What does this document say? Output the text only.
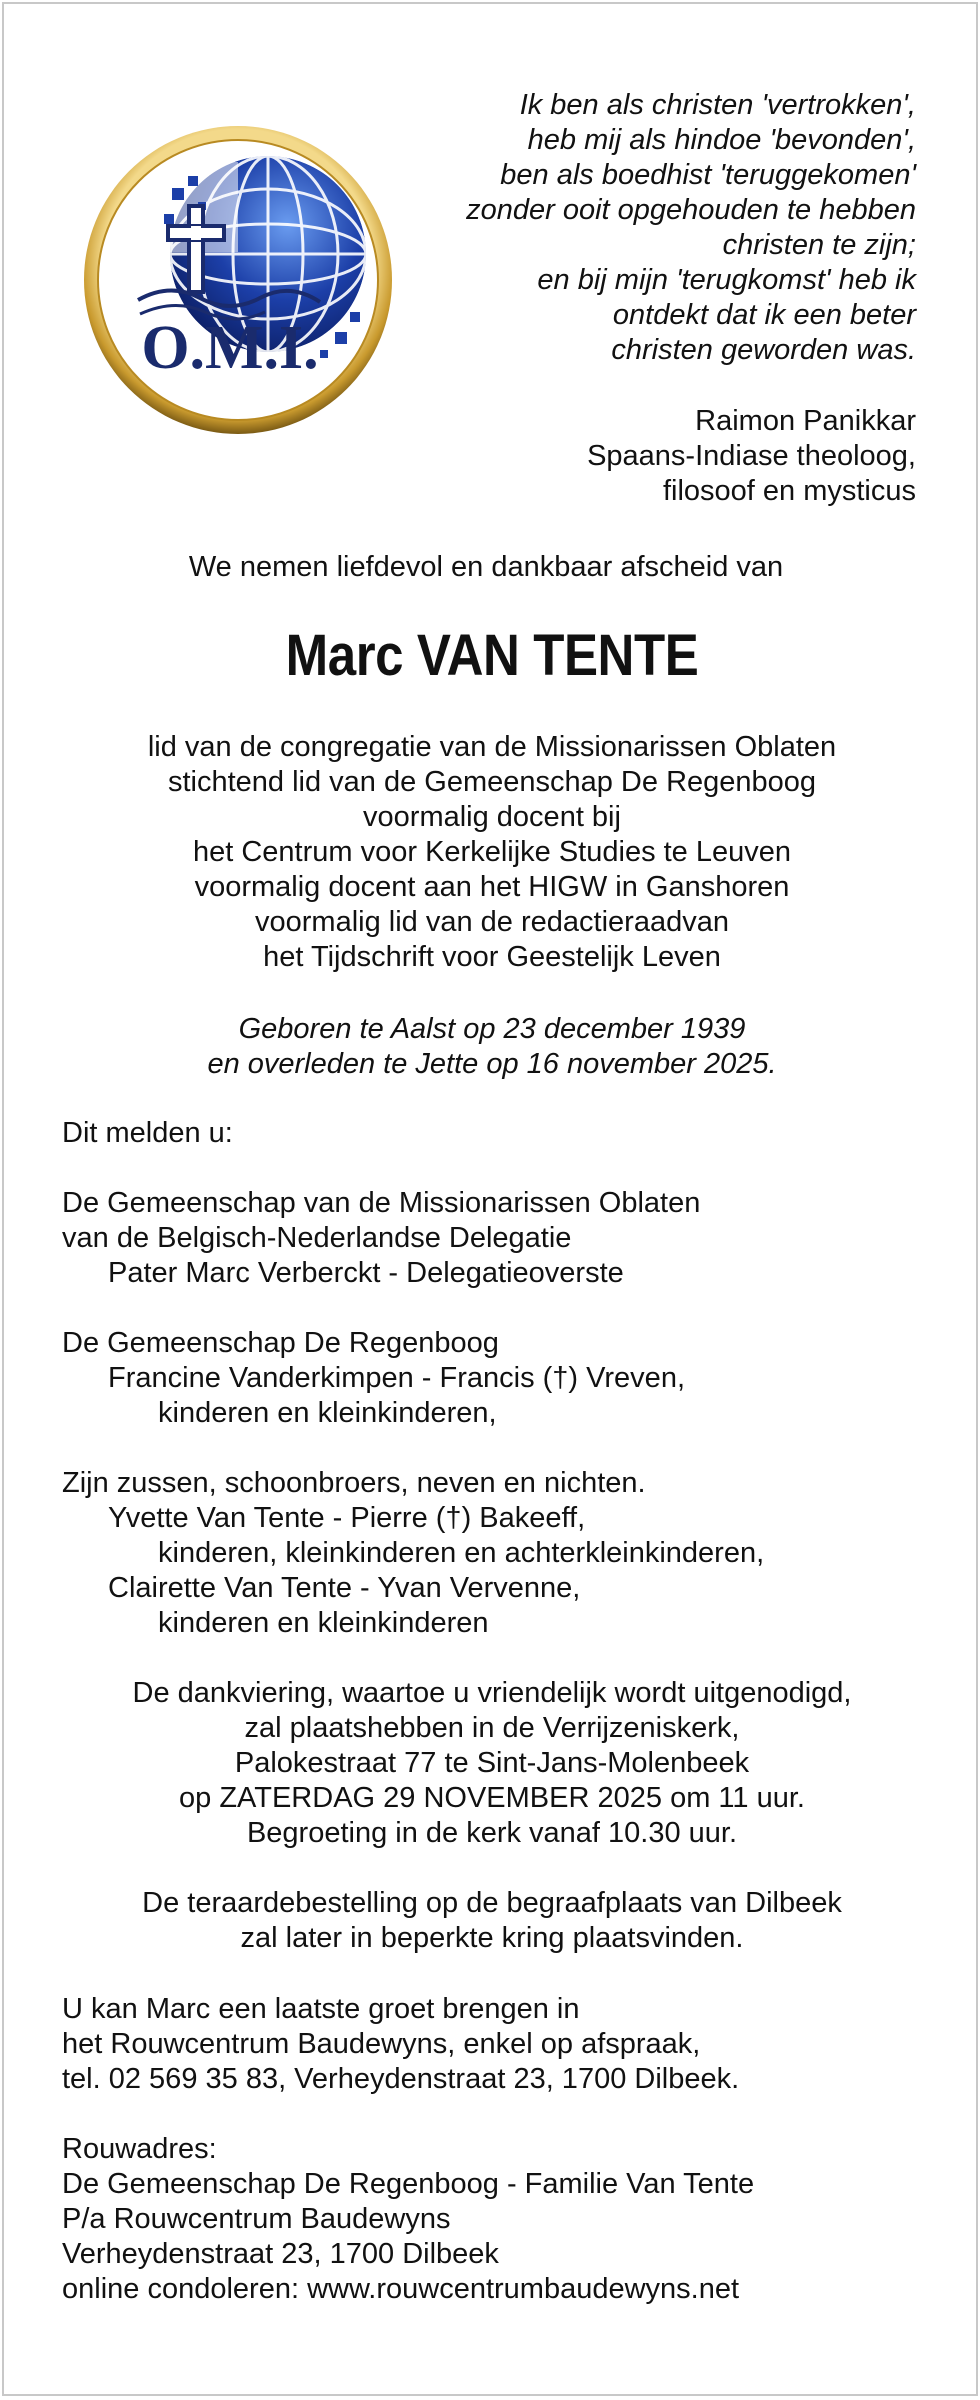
O.M.I.
Ik ben als christen 'vertrokken',
heb mij als hindoe 'bevonden',
ben als boedhist 'teruggekomen'
zonder ooit opgehouden te hebben
christen te zijn;
en bij mijn 'terugkomst' heb ik
ontdekt dat ik een beter
christen geworden was.
Raimon Panikkar
Spaans-Indiase theoloog,
filosoof en mysticus
We nemen liefdevol en dankbaar afscheid van
Marc VAN TENTE
lid van de congregatie van de Missionarissen Oblaten
stichtend lid van de Gemeenschap De Regenboog
voormalig docent bij
het Centrum voor Kerkelijke Studies te Leuven
voormalig docent aan het HIGW in Ganshoren
voormalig lid van de redactieraadvan
het Tijdschrift voor Geestelijk Leven
Geboren te Aalst op 23 december 1939
en overleden te Jette op 16 november 2025.
Dit melden u:
De Gemeenschap van de Missionarissen Oblaten
van de Belgisch-Nederlandse Delegatie
Pater Marc Verberckt - Delegatieoverste
De Gemeenschap De Regenboog
Francine Vanderkimpen - Francis (†) Vreven,
kinderen en kleinkinderen,
Zijn zussen, schoonbroers, neven en nichten.
Yvette Van Tente - Pierre (†) Bakeeff,
kinderen, kleinkinderen en achterkleinkinderen,
Clairette Van Tente - Yvan Vervenne,
kinderen en kleinkinderen
De dankviering, waartoe u vriendelijk wordt uitgenodigd,
zal plaatshebben in de Verrijzeniskerk,
Palokestraat 77 te Sint-Jans-Molenbeek
op ZATERDAG 29 NOVEMBER 2025 om 11 uur.
Begroeting in de kerk vanaf 10.30 uur.
De teraardebestelling op de begraafplaats van Dilbeek
zal later in beperkte kring plaatsvinden.
U kan Marc een laatste groet brengen in
het Rouwcentrum Baudewyns, enkel op afspraak,
tel. 02 569 35 83, Verheydenstraat 23, 1700 Dilbeek.
Rouwadres:
De Gemeenschap De Regenboog - Familie Van Tente
P/a Rouwcentrum Baudewyns
Verheydenstraat 23, 1700 Dilbeek
online condoleren: www.rouwcentrumbaudewyns.net
